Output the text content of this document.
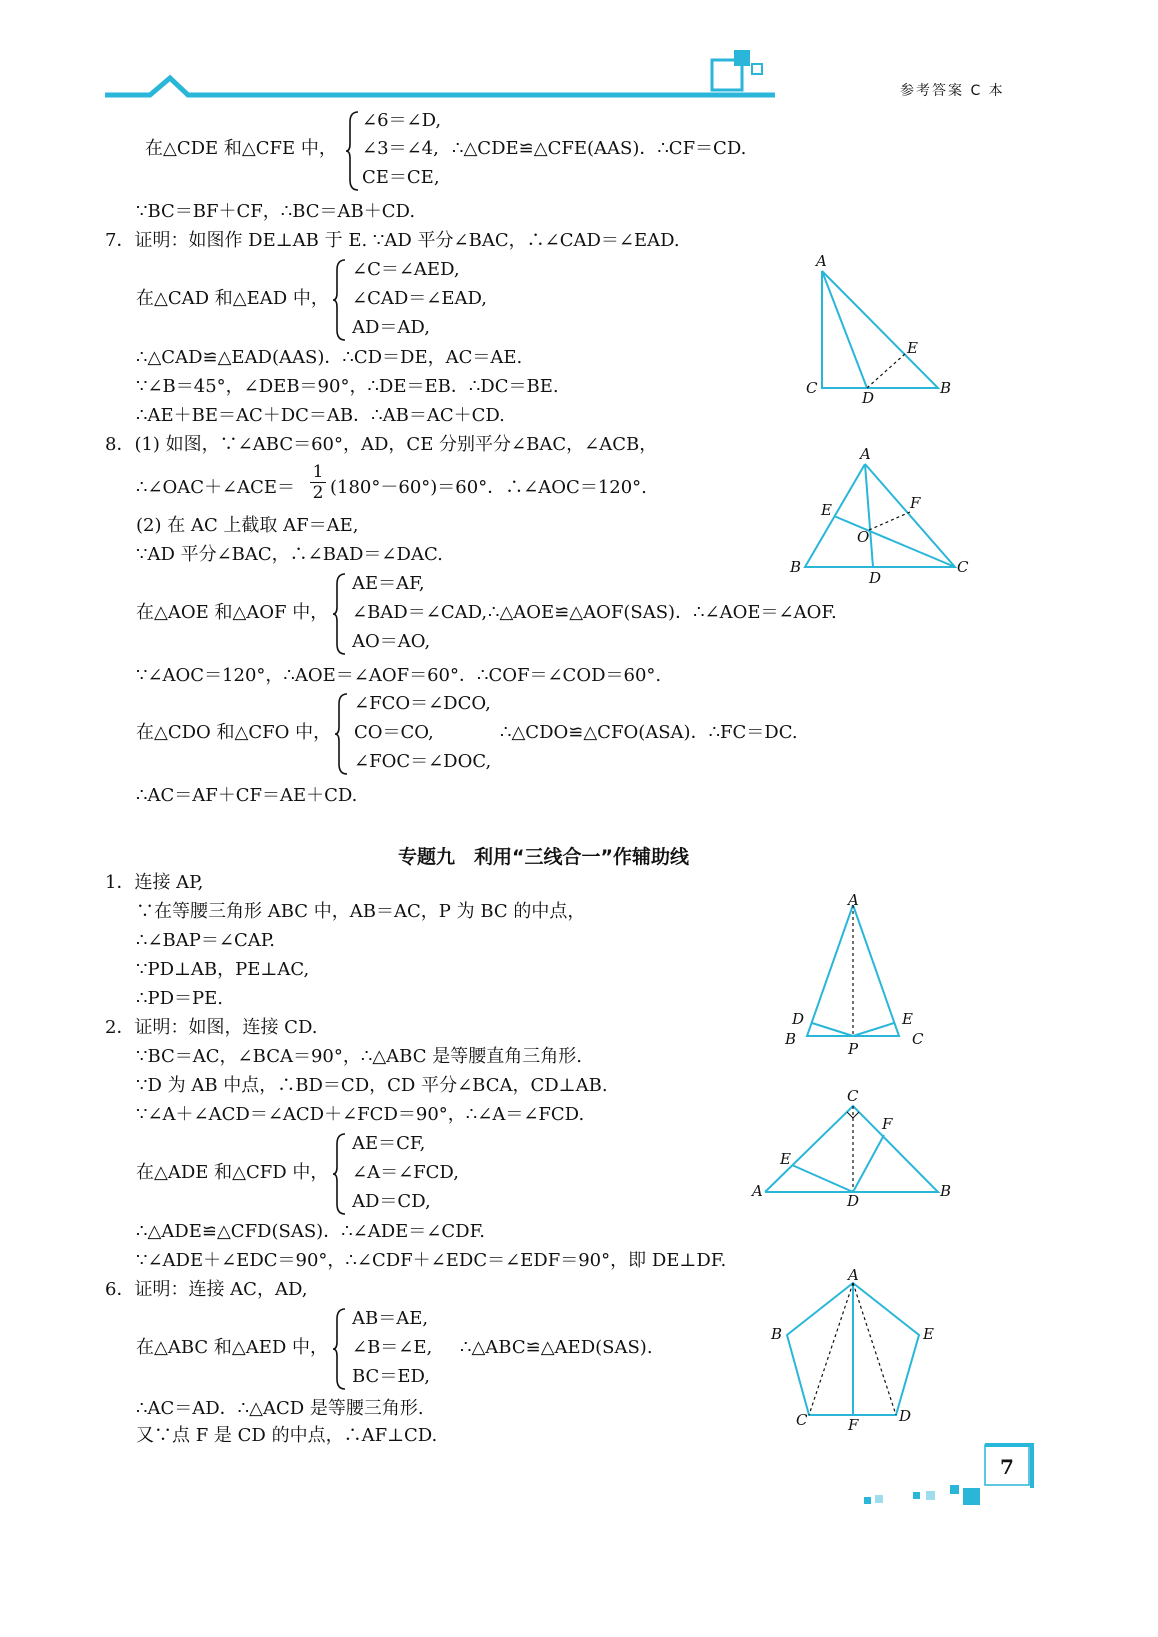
参考答案 C 本
在△CDE 和△CFE 中，
∠6＝∠D,
∠3＝∠4,
CE＝CE,
∴△CDE≌△CFE(AAS)．∴CF＝CD.
∵BC＝BF＋CF，∴BC＝AB＋CD.
7．证明：如图作 DE⊥AB 于 E. ∵AD 平分∠BAC，∴∠CAD＝∠EAD.
在△CAD 和△EAD 中，
∠C＝∠AED,
∠CAD＝∠EAD,
AD＝AD,
∴△CAD≌△EAD(AAS)．∴CD＝DE，AC＝AE.
∵∠B＝45°，∠DEB＝90°，∴DE＝EB．∴DC＝BE.
∴AE＋BE＝AC＋DC＝AB．∴AB＝AC＋CD.
A
E
C
D
B
8．(1) 如图，∵∠ABC＝60°，AD，CE 分别平分∠BAC，∠ACB，
∴∠OAC＋∠ACE＝
1
2 (180°－60°)＝60°．∴∠AOC＝120°.
(2) 在 AC 上截取 AF＝AE,
∵AD 平分∠BAC，∴∠BAD＝∠DAC.
在△AOE 和△AOF 中，
AE＝AF,
∠BAD＝∠CAD,
AO＝AO,
∴△AOE≌△AOF(SAS)．∴∠AOE＝∠AOF.
∵∠AOC＝120°，∴AOE＝∠AOF＝60°．∴COF＝∠COD＝60°.
在△CDO 和△CFO 中，
∠FCO＝∠DCO,
CO＝CO,
∠FOC＝∠DOC,
∴△CDO≌△CFO(ASA)．∴FC＝DC.
∴AC＝AF＋CF＝AE＋CD.
A
F
E
O
B
D
C
专题九　利用“三线合一”作辅助线
1．连接 AP,
∵在等腰三角形 ABC 中，AB＝AC，P 为 BC 的中点，
∴∠BAP＝∠CAP.
∵PD⊥AB，PE⊥AC,
∴PD＝PE.
A
D	E
B
P
C
2．证明：如图，连接 CD.
∵BC＝AC，∠BCA＝90°，∴△ABC 是等腰直角三角形.
∵D 为 AB 中点，∴BD＝CD，CD 平分∠BCA，CD⊥AB.
∵∠A＋∠ACD＝∠ACD＋∠FCD＝90°，∴∠A＝∠FCD.
在△ADE 和△CFD 中，
AE＝CF,
∠A＝∠FCD,
AD＝CD,
∴△ADE≌△CFD(SAS)．∴∠ADE＝∠CDF.
∵∠ADE＋∠EDC＝90°，∴∠CDF＋∠EDC＝∠EDF＝90°，即 DE⊥DF.
C
F
E
A
D
B
6．证明：连接 AC，AD,
在△ABC 和△AED 中，
AB＝AE,
∠B＝∠E,
BC＝ED,
∴△ABC≌△AED(SAS).
∴AC＝AD．∴△ACD 是等腰三角形.
又∵点 F 是 CD 的中点，∴AF⊥CD.
A
B	E
C	F	D
7
